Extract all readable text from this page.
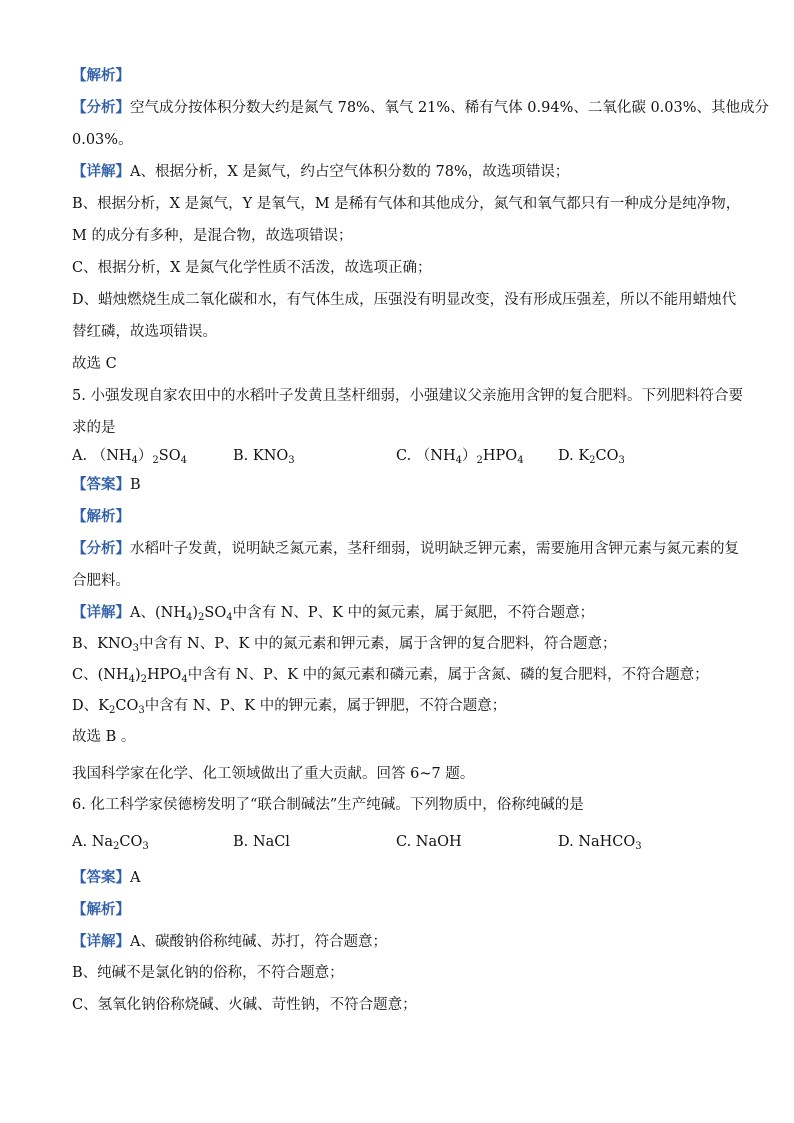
【解析】
【分析】空气成分按体积分数大约是氮气 78%、氧气 21%、稀有气体 0.94%、二氧化碳 0.03%、其他成分
0.03%。
【详解】A、根据分析，X 是氮气，约占空气体积分数的 78%，故选项错误；
B、根据分析，X 是氮气，Y 是氧气，M 是稀有气体和其他成分，氮气和氧气都只有一种成分是纯净物，
M 的成分有多种，是混合物，故选项错误；
C、根据分析，X 是氮气化学性质不活泼，故选项正确；
D、蜡烛燃烧生成二氧化碳和水，有气体生成，压强没有明显改变，没有形成压强差，所以不能用蜡烛代
替红磷，故选项错误。
故选 C
5. 小强发现自家农田中的水稻叶子发黄且茎杆细弱，小强建议父亲施用含钾的复合肥料。下列肥料符合要
求的是
A. $(NH_4)_2SO_4$	B. $KNO_3$	C. $(NH_4)_2HPO_4$ D. $K_2CO_3$
【答案】B
【解析】
【分析】水稻叶子发黄，说明缺乏氮元素，茎秆细弱，说明缺乏钾元素，需要施用含钾元素与氮元素的复
合肥料。
【详解】A、$(NH_4)_2SO_4$中含有 N、P、K 中的氮元素，属于氮肥，不符合题意；
B、$KNO_3$中含有 N、P、K 中的氮元素和钾元素，属于含钾的复合肥料，符合题意；
C、$(NH_4)_2HPO_4$中含有 N、P、K 中的氮元素和磷元素，属于含氮、磷的复合肥料，不符合题意；
D、$K_2CO_3$中含有 N、P、K 中的钾元素，属于钾肥，不符合题意；
故选 B 。
我国科学家在化学、化工领域做出了重大贡献。回答 6~7 题。
6. 化工科学家侯德榜发明了“联合制碱法”生产纯碱。下列物质中，俗称纯碱的是
A. $Na_2CO_3$	B. NaCl	C. NaOH	D. NaHCO$_3$
【答案】A
【解析】
【详解】A、碳酸钠俗称纯碱、苏打，符合题意；
B、纯碱不是氯化钠的俗称，不符合题意；
C、氢氧化钠俗称烧碱、火碱、苛性钠，不符合题意；
